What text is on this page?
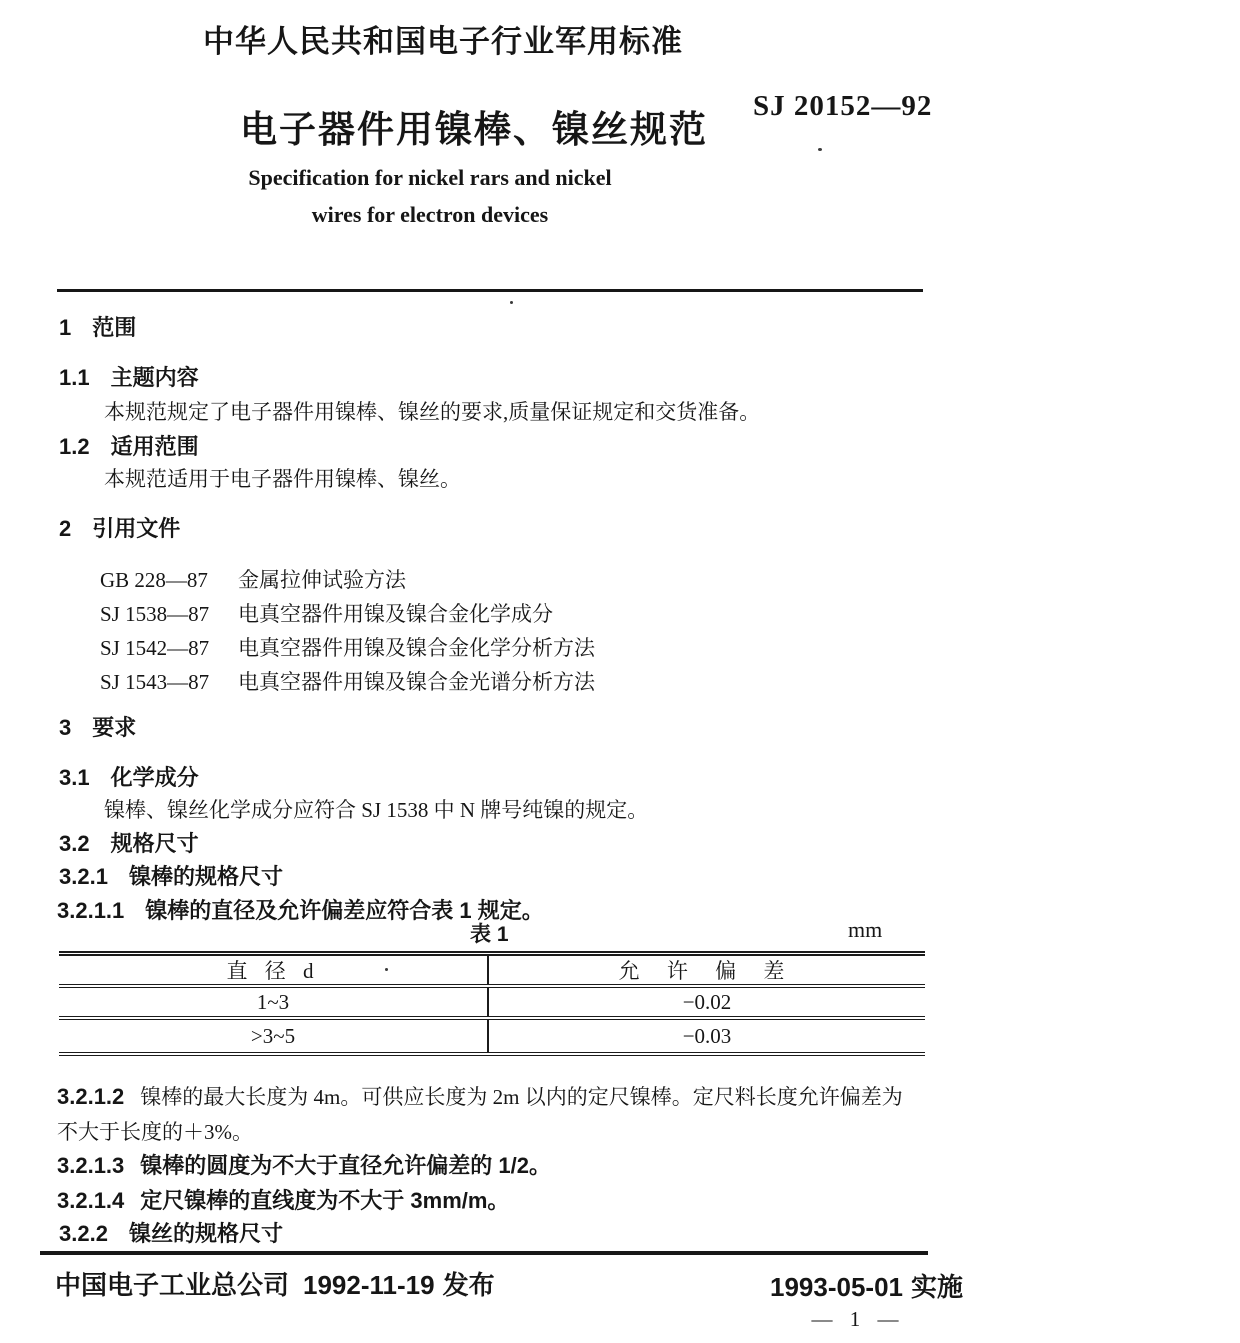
中华人民共和国电子行业军用标准
电子器件用镍棒、镍丝规范
SJ 20152—92
Specification for nickel rars and nickel
wires for electron devices
1 范围
1.1 主题内容
本规范规定了电子器件用镍棒、镍丝的要求,质量保证规定和交货准备。
1.2 适用范围
本规范适用于电子器件用镍棒、镍丝。
2 引用文件
GB 228—87 金属拉伸试验方法
SJ 1538—87 电真空器件用镍及镍合金化学成分
SJ 1542—87 电真空器件用镍及镍合金化学分析方法
SJ 1543—87 电真空器件用镍及镍合金光谱分析方法
3 要求
3.1 化学成分
镍棒、镍丝化学成分应符合 SJ 1538 中 N 牌号纯镍的规定。
3.2 规格尺寸
3.2.1 镍棒的规格尺寸
3.2.1.1 镍棒的直径及允许偏差应符合表 1 规定。
表 1	mm
直 径 d	允 许 偏 差
1~3	−0.02
>3~5	−0.03
3.2.1.2 镍棒的最大长度为 4m。可供应长度为 2m 以内的定尺镍棒。定尺料长度允许偏差为
不大于长度的＋3%。
3.2.1.3 镍棒的圆度为不大于直径允许偏差的 1/2。
3.2.1.4 定尺镍棒的直线度为不大于 3mm/m。
3.2.2 镍丝的规格尺寸
中国电子工业总公司 1992-11-19 发布	1993-05-01 实施
— 1 —
